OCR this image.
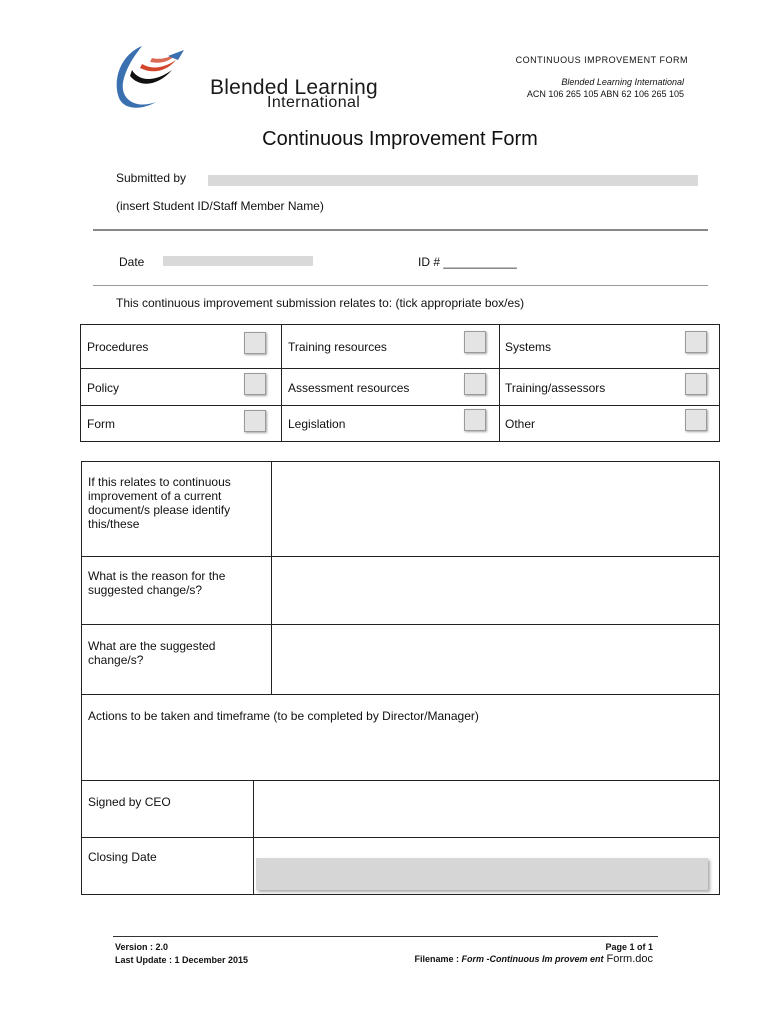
Blended Learning
International
CONTINUOUS IMPROVEMENT FORM
Blended Learning International
ACN 106 265 105 ABN 62 106 265 105
Continuous Improvement Form
Submitted by
(insert Student ID/Staff Member Name)
Date	ID # ___________
This continuous improvement submission relates to: (tick appropriate box/es)
Procedures	Training resources	Systems
Policy	Assessment resources	Training/assessors
Form	Legislation	Other
If this relates to continuous improvement of a current document/s please identify this/these
What is the reason for the suggested change/s?
What are the suggested change/s?
Actions to be taken and timeframe (to be completed by Director/Manager)
Signed by CEO
Closing Date
Version : 2.0
Last Update : 1 December 2015
Page 1 of 1
Filename : Form -Continuous Im provem ent Form.doc
